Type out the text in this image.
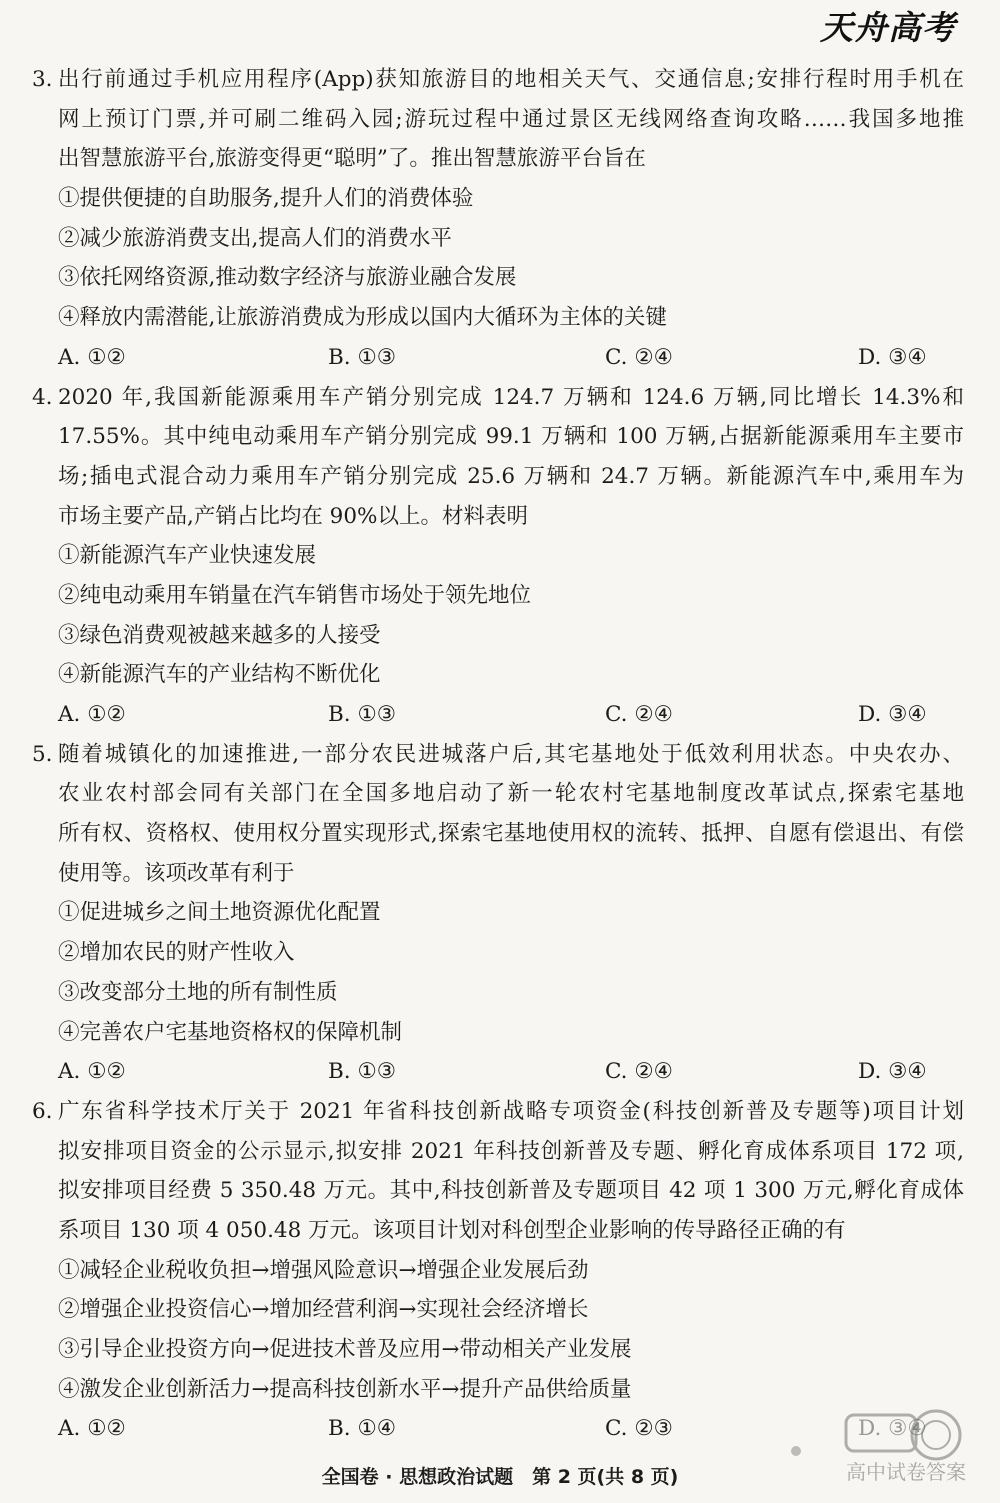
天舟高考
3. 出行前通过手机应用程序(App)获知旅游目的地相关天气、交通信息;安排行程时用手机在
网上预订门票,并可刷二维码入园;游玩过程中通过景区无线网络查询攻略……我国多地推
出智慧旅游平台,旅游变得更“聪明”了。推出智慧旅游平台旨在
①提供便捷的自助服务,提升人们的消费体验
②减少旅游消费支出,提高人们的消费水平
③依托网络资源,推动数字经济与旅游业融合发展
④释放内需潜能,让旅游消费成为形成以国内大循环为主体的关键
A. ①②	B. ①③	C. ②④	D. ③④
4. 2020 年,我国新能源乘用车产销分别完成 124.7 万辆和 124.6 万辆,同比增长 14.3%和
17.55%。其中纯电动乘用车产销分别完成 99.1 万辆和 100 万辆,占据新能源乘用车主要市
场;插电式混合动力乘用车产销分别完成 25.6 万辆和 24.7 万辆。新能源汽车中,乘用车为
市场主要产品,产销占比均在 90%以上。材料表明
①新能源汽车产业快速发展
②纯电动乘用车销量在汽车销售市场处于领先地位
③绿色消费观被越来越多的人接受
④新能源汽车的产业结构不断优化
A. ①②	B. ①③	C. ②④	D. ③④
5. 随着城镇化的加速推进,一部分农民进城落户后,其宅基地处于低效利用状态。中央农办、
农业农村部会同有关部门在全国多地启动了新一轮农村宅基地制度改革试点,探索宅基地
所有权、资格权、使用权分置实现形式,探索宅基地使用权的流转、抵押、自愿有偿退出、有偿
使用等。该项改革有利于
①促进城乡之间土地资源优化配置
②增加农民的财产性收入
③改变部分土地的所有制性质
④完善农户宅基地资格权的保障机制
A. ①②	B. ①③	C. ②④	D. ③④
6. 广东省科学技术厅关于 2021 年省科技创新战略专项资金(科技创新普及专题等)项目计划
拟安排项目资金的公示显示,拟安排 2021 年科技创新普及专题、孵化育成体系项目 172 项,
拟安排项目经费 5 350.48 万元。其中,科技创新普及专题项目 42 项 1 300 万元,孵化育成体
系项目 130 项 4 050.48 万元。该项目计划对科创型企业影响的传导路径正确的有
①减轻企业税收负担→增强风险意识→增强企业发展后劲
②增强企业投资信心→增加经营利润→实现社会经济增长
③引导企业投资方向→促进技术普及应用→带动相关产业发展
④激发企业创新活力→提高科技创新水平→提升产品供给质量
A. ①②	B. ①④	C. ②③	D. ③④
高中试卷答案
全国卷 · 思想政治试题　第 2 页(共 8 页)
